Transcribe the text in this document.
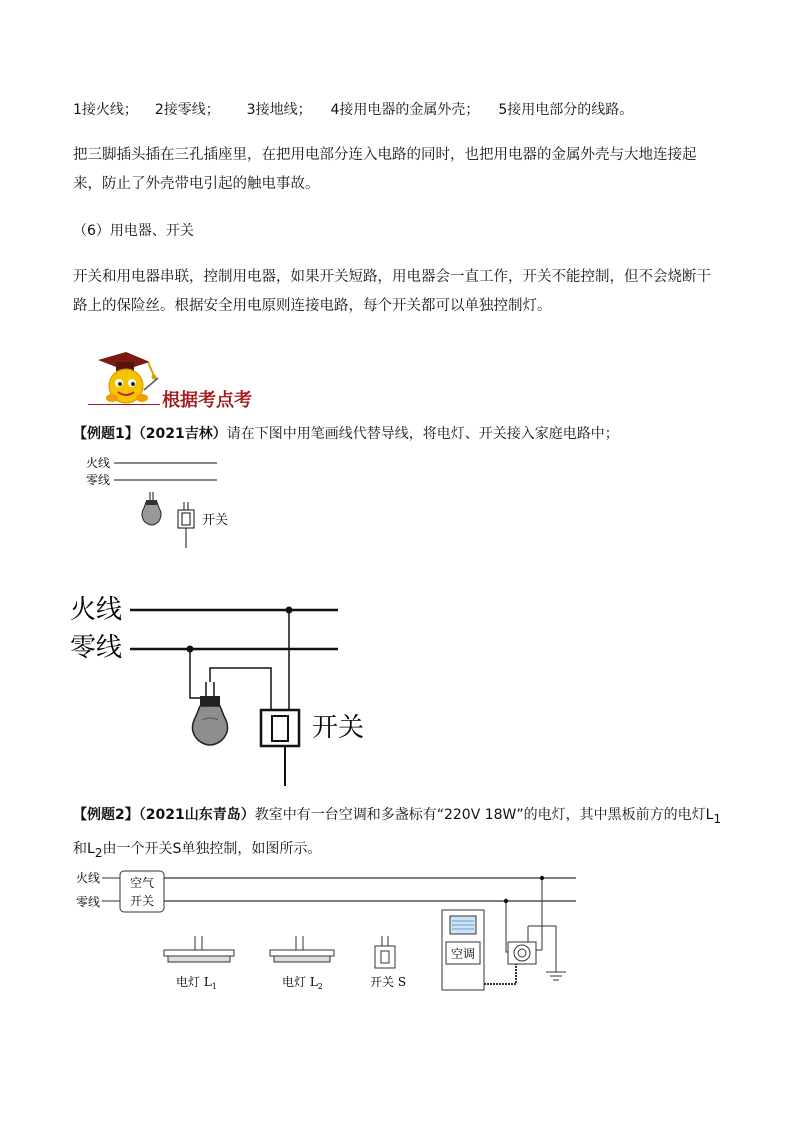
1接火线； 2接零线； 3接地线； 4接用电器的金属外壳； 5接用电部分的线路。
把三脚插头插在三孔插座里，在把用电部分连入电路的同时，也把用电器的金属外壳与大地连接起来，防止了外壳带电引起的触电事故。
（6）用电器、开关
开关和用电器串联，控制用电器，如果开关短路，用电器会一直工作，开关不能控制，但不会烧断干路上的保险丝。根据安全用电原则连接电路，每个开关都可以单独控制灯。
根据考点考
【例题1】（2021吉林）请在下图中用笔画线代替导线，将电灯、开关接入家庭电路中；
火线
零线
开关
火线
零线
开关
【例题2】（2021山东青岛）教室中有一台空调和多盏标有“220V 18W”的电灯，其中黑板前方的电灯$L_1$
和$L_2$由一个开关S单独控制，如图所示。
火线
零线
空气
开关
电灯 $L_1$	电灯 $L_2$	开关 S
空调
